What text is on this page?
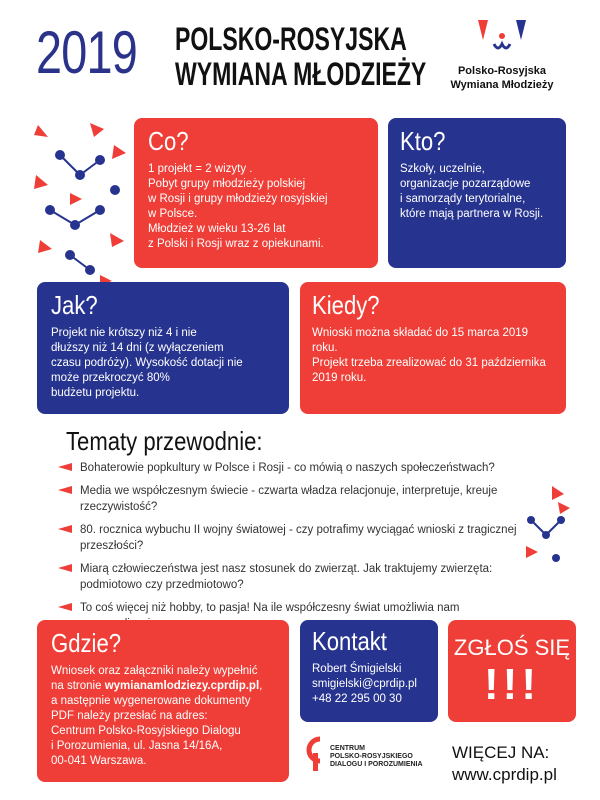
2019 POLSKO-ROSYJSKA
WYMIANA MŁODZIEŻY	Polsko-Rosyjska
Wymiana Młodzieży
Co?

1 projekt = 2 wizyty .
Pobyt grupy młodzieży polskiej
w Rosji i grupy młodzieży rosyjskiej
w Polsce.
Młodzież w wieku 13-26 lat
z Polski i Rosji wraz z opiekunami.

Kto?

Szkoły, uczelnie,
organizacje pozarządowe
i samorządy terytorialne,
które mają partnera w Rosji.

Jak?

Projekt nie krótszy niż 4 i nie
dłuższy niż 14 dni (z wyłączeniem
czasu podróży). Wysokość dotacji nie
może przekroczyć 80%
budżetu projektu.

Kiedy?

Wnioski można składać do 15 marca 2019 roku.
Projekt trzeba zrealizować do 31 października
2019 roku.

Tematy przewodnie:
Bohaterowie popkultury w Polsce i Rosji - co mówią o naszych społeczeństwach?
Media we współczesnym świecie - czwarta władza relacjonuje, interpretuje, kreuje rzeczywistość?
80. rocznica wybuchu II wojny światowej - czy potrafimy wyciągać wnioski z tragicznej przeszłości?
Miarą człowieczeństwa jest nasz stosunek do zwierząt. Jak traktujemy zwierzęta: podmiotowo czy przedmiotowo?
To coś więcej niż hobby, to pasja! Na ile współczesny świat umożliwia nam
Gdzie?

Wniosek oraz załączniki należy wypełnić
na stronie wymianamlodziezy.cprdip.pl,
a następnie wygenerowane dokumenty
PDF należy przesłać na adres:
Centrum Polsko-Rosyjskiego Dialogu
i Porozumienia, ul. Jasna 14/16A,
00-041 Warszawa.

Kontakt

Robert Śmigielski
smigielski@cprdip.pl
+48 22 295 00 30

ZGŁOŚ SIĘ
!!!
CENTRUM
POLSKO-ROSYJSKIEGO
DIALOGU I POROZUMIENIA
WIĘCEJ NA:
www.cprdip.pl
